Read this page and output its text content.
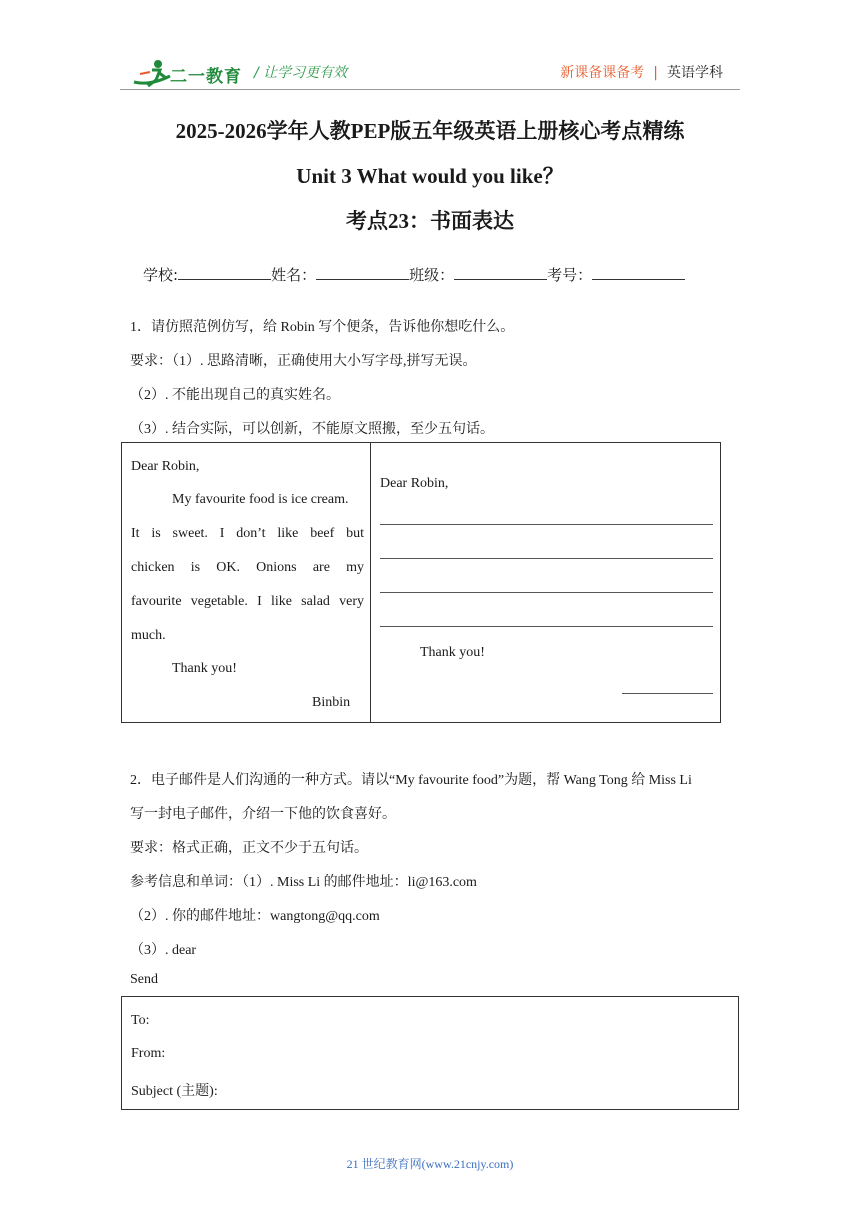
二一教育 / 让学习更有效	新课备课备考 | 英语学科
2025-2026学年人教PEP版五年级英语上册核心考点精练
Unit 3 What would you like？
考点23：书面表达
学校:	姓名：	班级：	考号：
1．请仿照范例仿写，给 Robin 写个便条，告诉他你想吃什么。
要求：（1）. 思路清晰，正确使用大小写字母,拼写无误。
（2）. 不能出现自己的真实姓名。
（3）. 结合实际，可以创新，不能原文照搬，至少五句话。
Dear Robin,
My favourite food is ice cream.
It is sweet. I don’t like beef but
chicken is OK. Onions are my
favourite vegetable. I like salad very
much.
Thank you!
Binbin
Dear Robin,
Thank you!
2．电子邮件是人们沟通的一种方式。请以“My favourite food”为题，帮 Wang Tong 给 Miss Li
写一封电子邮件，介绍一下他的饮食喜好。
要求：格式正确，正文不少于五句话。
参考信息和单词：（1）. Miss Li 的邮件地址：li@163.com
（2）. 你的邮件地址：wangtong@qq.com
（3）. dear
Send
To:
From:
Subject (主题):
21 世纪教育网(www.21cnjy.com)
